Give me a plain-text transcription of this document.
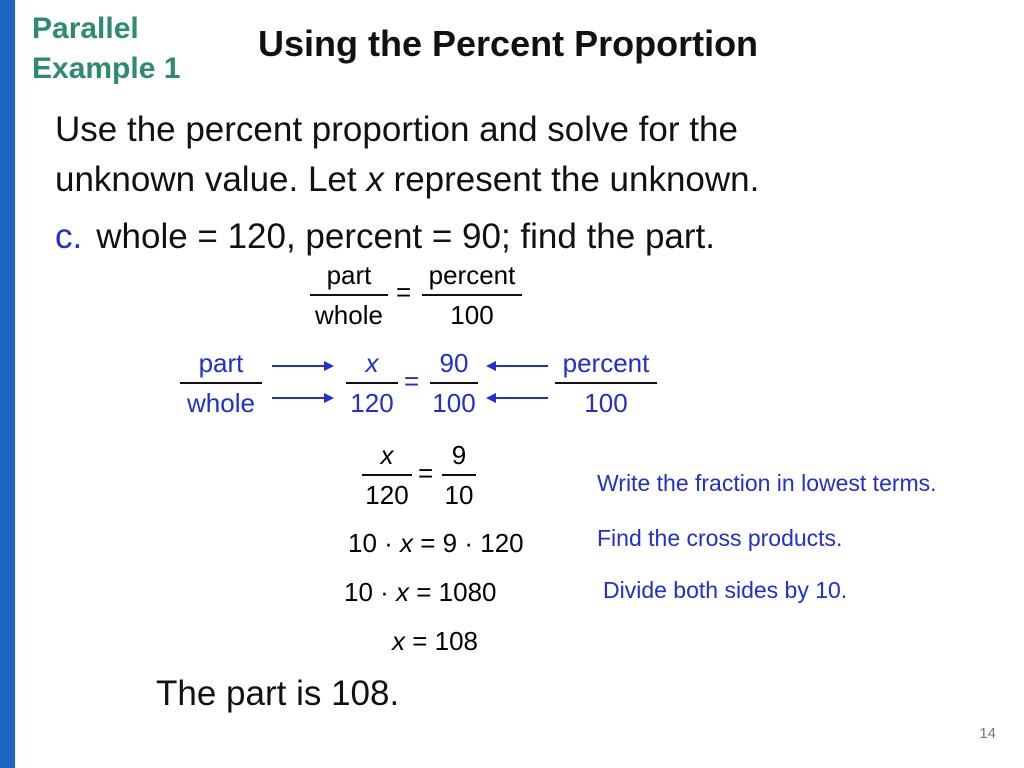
Parallel
Example 1
Using the Percent Proportion
Use the percent proportion and solve for the
unknown value. Let x represent the unknown.
c. whole = 120, percent = 90; find the part.
part
whole
=
percent
100
part
whole
x
120
=
90
100
percent
100
x
120
=
9
10
10 · x = 9 · 120
10 · x = 1080
x = 108
Write the fraction in lowest terms.
Find the cross products.
Divide both sides by 10.
The part is 108.
14
